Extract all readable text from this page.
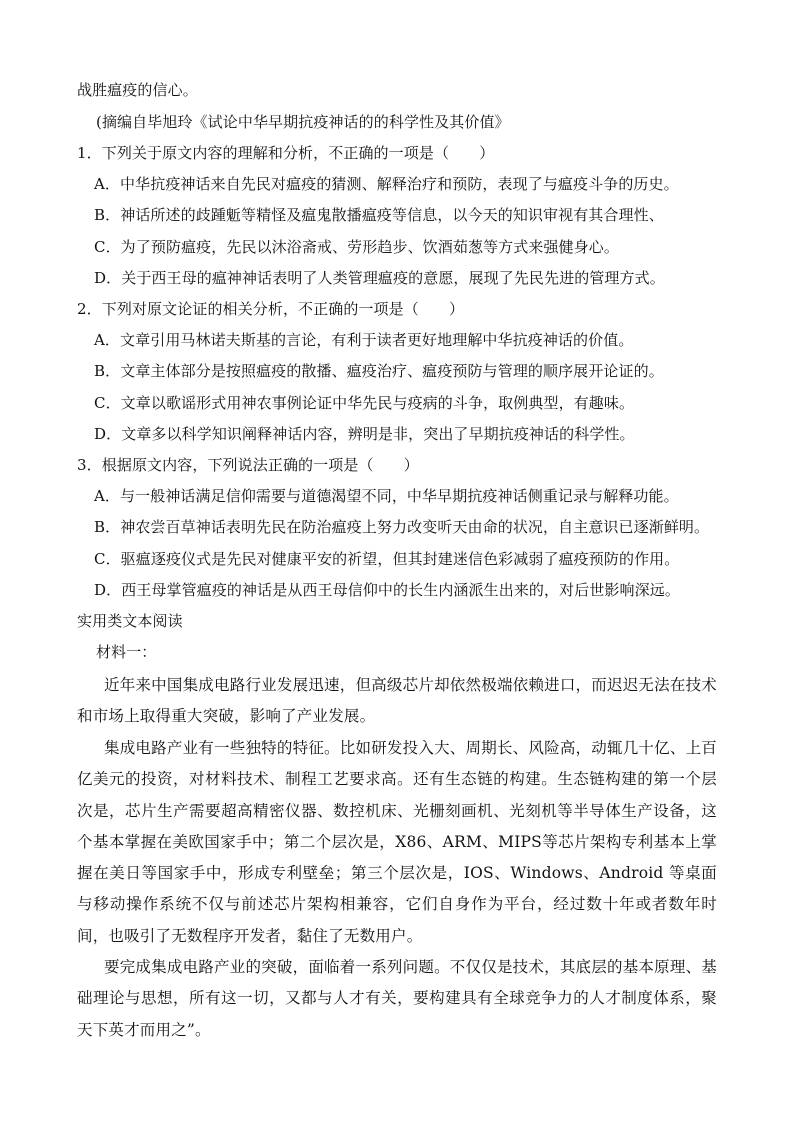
战胜瘟疫的信心。
(摘编自毕旭玲《试论中华早期抗疫神话的的科学性及其价值》
1．下列关于原文内容的理解和分析，不正确的一项是（　　）
A．中华抗疫神话来自先民对瘟疫的猜测、解释治疗和预防，表现了与瘟疫斗争的历史。
B．神话所述的歧踵鬿等精怪及瘟鬼散播瘟疫等信息，以今天的知识审视有其合理性、
C．为了预防瘟疫，先民以沐浴斋戒、劳形趋步、饮酒茹葱等方式来强健身心。
D．关于西王母的瘟神神话表明了人类管理瘟疫的意愿，展现了先民先进的管理方式。
2．下列对原文论证的相关分析，不正确的一项是（　　）
A．文章引用马林诺夫斯基的言论，有利于读者更好地理解中华抗疫神话的价值。
B．文章主体部分是按照瘟疫的散播、瘟疫治疗、瘟疫预防与管理的顺序展开论证的。
C．文章以歌谣形式用神农事例论证中华先民与疫病的斗争，取例典型，有趣味。
D．文章多以科学知识阐释神话内容，辨明是非，突出了早期抗疫神话的科学性。
3．根据原文内容，下列说法正确的一项是（　　）
A．与一般神话满足信仰需要与道德渴望不同，中华早期抗疫神话侧重记录与解释功能。
B．神农尝百草神话表明先民在防治瘟疫上努力改变听天由命的状况，自主意识已逐渐鲜明。
C．驱瘟逐疫仪式是先民对健康平安的祈望，但其封建迷信色彩减弱了瘟疫预防的作用。
D．西王母掌管瘟疫的神话是从西王母信仰中的长生内涵派生出来的，对后世影响深远。
实用类文本阅读
材料一：
近年来中国集成电路行业发展迅速，但高级芯片却依然极端依赖进口，而迟迟无法在技术和市场上取得重大突破，影响了产业发展。
集成电路产业有一些独特的特征。比如研发投入大、周期长、风险高，动辄几十亿、上百亿美元的投资，对材料技术、制程工艺要求高。还有生态链的构建。生态链构建的第一个层次是，芯片生产需要超高精密仪器、数控机床、光栅刻画机、光刻机等半导体生产设备，这个基本掌握在美欧国家手中；第二个层次是，X86、ARM、MIPS等芯片架构专利基本上掌握在美日等国家手中，形成专利壁垒；第三个层次是，IOS、Windows、Android 等桌面与移动操作系统不仅与前述芯片架构相兼容，它们自身作为平台，经过数十年或者数年时间，也吸引了无数程序开发者，黏住了无数用户。
要完成集成电路产业的突破，面临着一系列问题。不仅仅是技术，其底层的基本原理、基础理论与思想，所有这一切，又都与人才有关，要构建具有全球竞争力的人才制度体系，聚天下英才而用之”。
